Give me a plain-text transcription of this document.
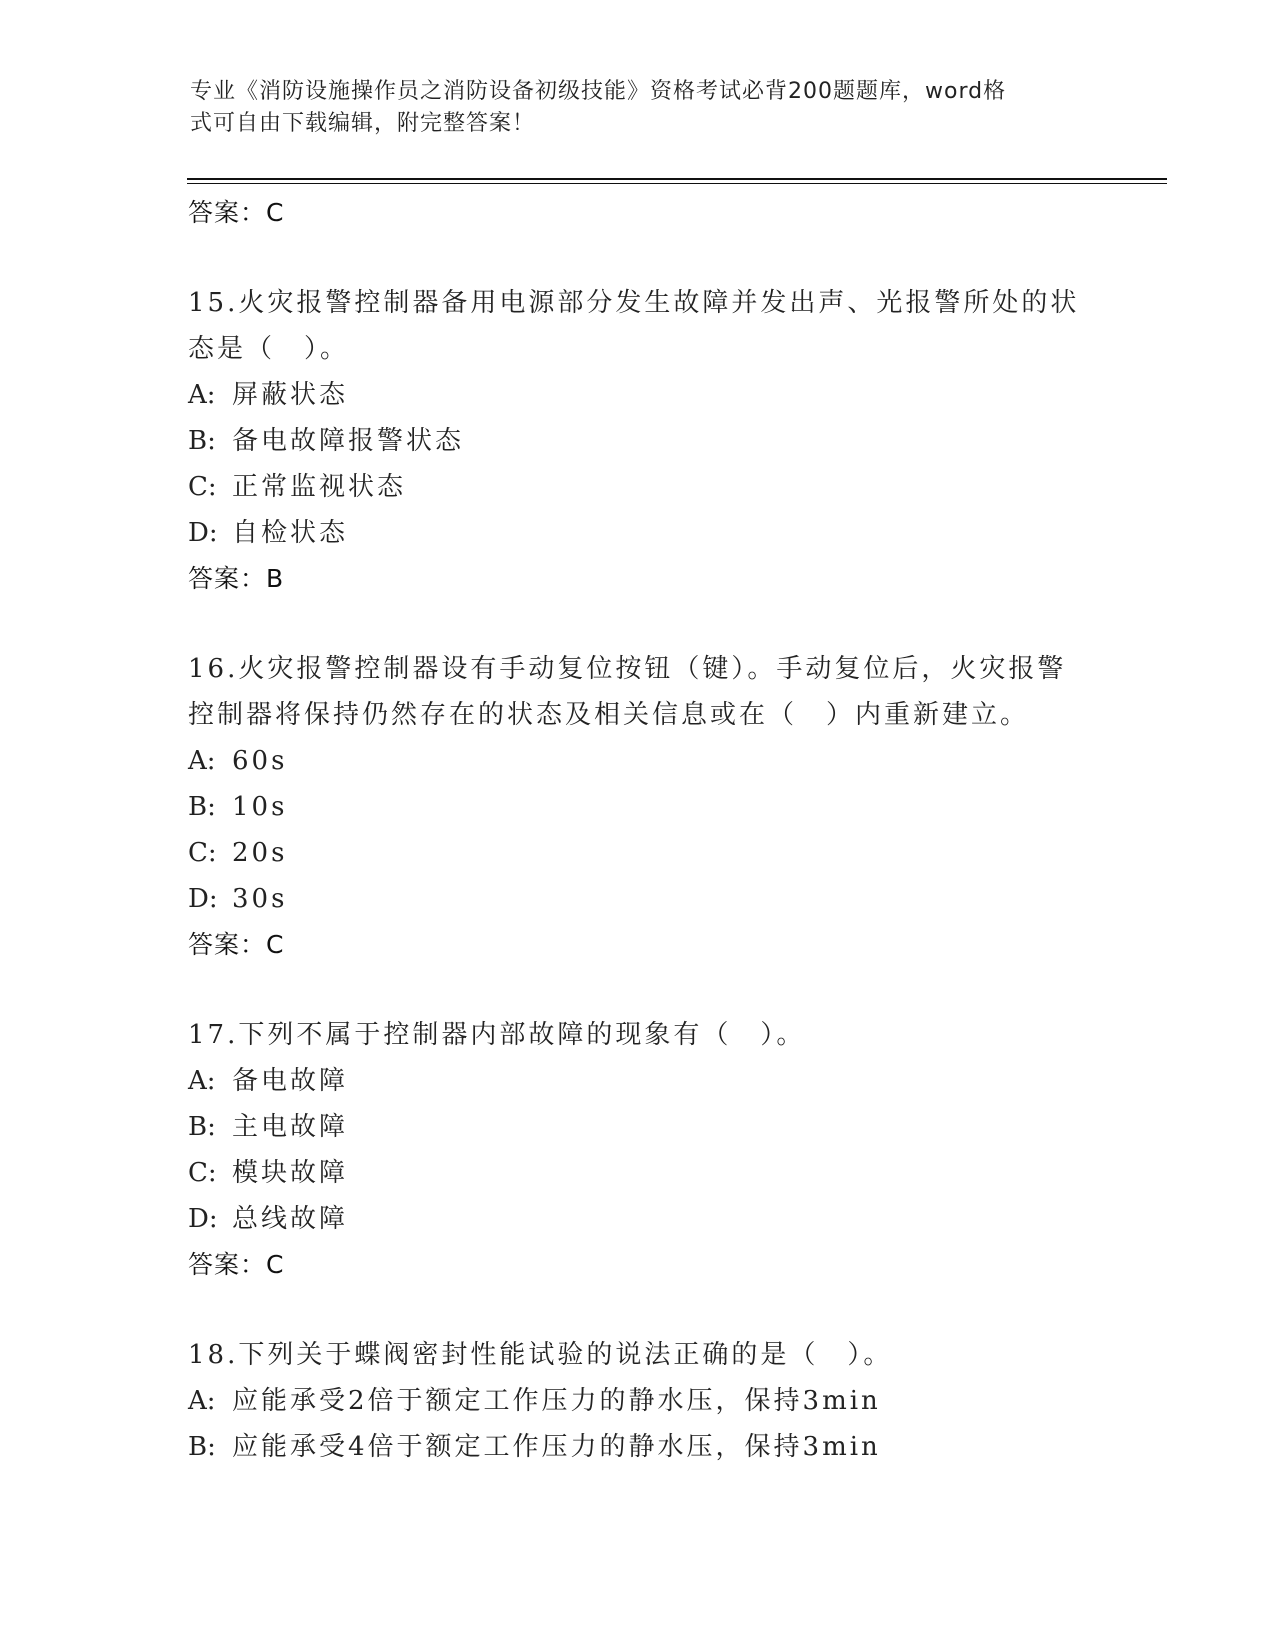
专业《消防设施操作员之消防设备初级技能》资格考试必背200题题库，word格
式可自由下载编辑，附完整答案！
答案：C
15.火灾报警控制器备用电源部分发生故障并发出声、光报警所处的状
态是（　）。
A: 屏蔽状态
B: 备电故障报警状态
C: 正常监视状态
D: 自检状态
答案：B
16.火灾报警控制器设有手动复位按钮（键）。手动复位后，火灾报警
控制器将保持仍然存在的状态及相关信息或在（　）内重新建立。
A: 60s
B: 10s
C: 20s
D: 30s
答案：C
17.下列不属于控制器内部故障的现象有（　）。
A: 备电故障
B: 主电故障
C: 模块故障
D: 总线故障
答案：C
18.下列关于蝶阀密封性能试验的说法正确的是（　）。
A: 应能承受2倍于额定工作压力的静水压，保持3min
B: 应能承受4倍于额定工作压力的静水压，保持3min
